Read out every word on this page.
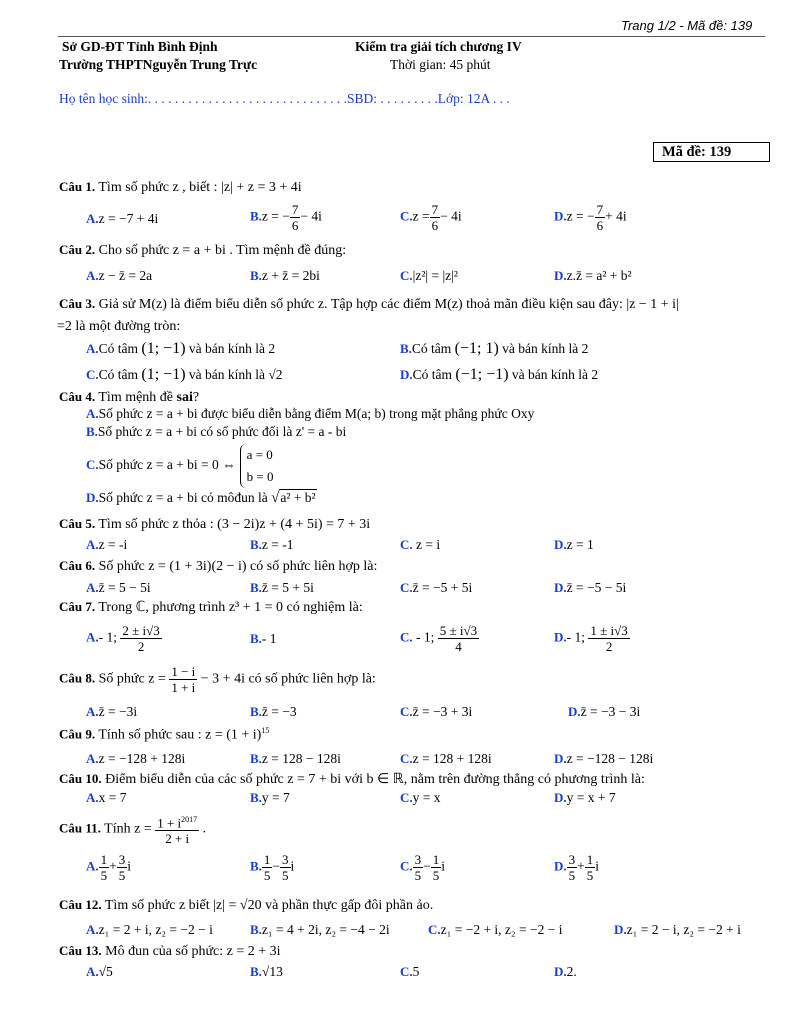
Trang 1/2 - Mã đề: 139
Sở GD-ĐT Tỉnh Bình Định
Trường THPTNguyễn Trung Trực
Kiểm tra giải tích chương IV
Thời gian: 45 phút
Họ tên học sinh:. . . . . . . . . . . . . . . . . . . . . . . . . . . . . .SBD: . . . . . . . . .Lớp: 12A . . .
Mã đề: 139
Câu 1. Tìm số phức z , biết : |z| + z = 3 + 4i
A.z = −7 + 4i	B.z = − $\frac{7}{6} - 4i$	$C.z = \frac{7}{6} - 4i$	D.z = − $\frac{7}{6} + 4i$
Câu 2. Cho số phức z = a + bi . Tìm mệnh đề đúng:
A.z − z̄ = 2a	B.z + z̄ = 2bi	C.|z²| = |z|²	D.z.z̄ = a² + b²
Câu 3. Giả sử M(z) là điểm biểu diễn số phức z. Tập hợp các điểm M(z) thoả mãn điều kiện sau đây: |z − 1 + i|
=2 là một đường tròn:
A.Có tâm (1; −1) và bán kính là 2	B.Có tâm (−1; 1) và bán kính là 2
C.Có tâm (1; −1) và bán kính là √2	D.Có tâm (−1; −1) và bán kính là 2
Câu 4. Tìm mệnh đề sai?
A.Số phức z = a + bi được biểu diễn bằng điểm M(a; b) trong mặt phẳng phức Oxy
B.Số phức z = a + bi có số phức đối là z' = a - bi
C.Số phức z = a + bi = 0 ⇔
a = 0
b = 0
D.Số phức z = a + bi có môđun là √a² + b²
Câu 5. Tìm số phức z thỏa : (3 − 2i)z + (4 + 5i) = 7 + 3i
A.z = -i	B.z = -1	C. z = i	D.z = 1
Câu 6. Số phức z = (1 + 3i)(2 − i) có số phức liên hợp là:
A.z̄ = 5 − 5i	B.z̄ = 5 + 5i	C.z̄ = −5 + 5i	D.z̄ = −5 − 5i
Câu 7. Trong ℂ, phương trình z³ + 1 = 0 có nghiệm là:
A.- 1; $\frac{2 \pm i√3}{2}$	B.- 1	C. - 1; $\frac{5 \pm i√3}{4}$	D.- 1; $\frac{1 \pm i√3}{2}$
Câu 8. Số phức $z = \frac{1 - i}{1 + i} - 3 + 4i$ có số phức liên hợp là:
A.z̄ = −3i	B.z̄ = −3	C.z̄ = −3 + 3i	D.z̄ = −3 − 3i
Câu 9. Tính số phức sau : $z = (1 + i)^{15}$
A.z = −128 + 128i	B.z = 128 − 128i	C.z = 128 + 128i	D.z = −128 − 128i
Câu 10. Điểm biểu diễn của các số phức z = 7 + bi với b ∈ ℝ, nằm trên đường thẳng có phương trình là:
A.x = 7	B.y = 7	C.y = x	D.y = x + 7
Câu 11. Tính $z = \frac{1 + i^{2017}}{2 + i}$ .
A. $\frac{1}{5} + \frac{3}{5}$ i	B. $\frac{1}{5} - \frac{3}{5}$ i	C. $\frac{3}{5} - \frac{1}{5}$ i	D. $\frac{3}{5} + \frac{1}{5}$ i
Câu 12. Tìm số phức z biết |z| = √20 và phần thực gấp đôi phần ảo.
A.z₁ = 2 + i, z₂ = −2 − i	B.z₁ = 4 + 2i, z₂ = −4 − 2i	C.z₁ = −2 + i, z₂ = −2 − i	D.z₁ = 2 − i, z₂ = −2 + i
Câu 13. Mô đun của số phức: z = 2 + 3i
A.√5	B.√13	C.5	D.2.
